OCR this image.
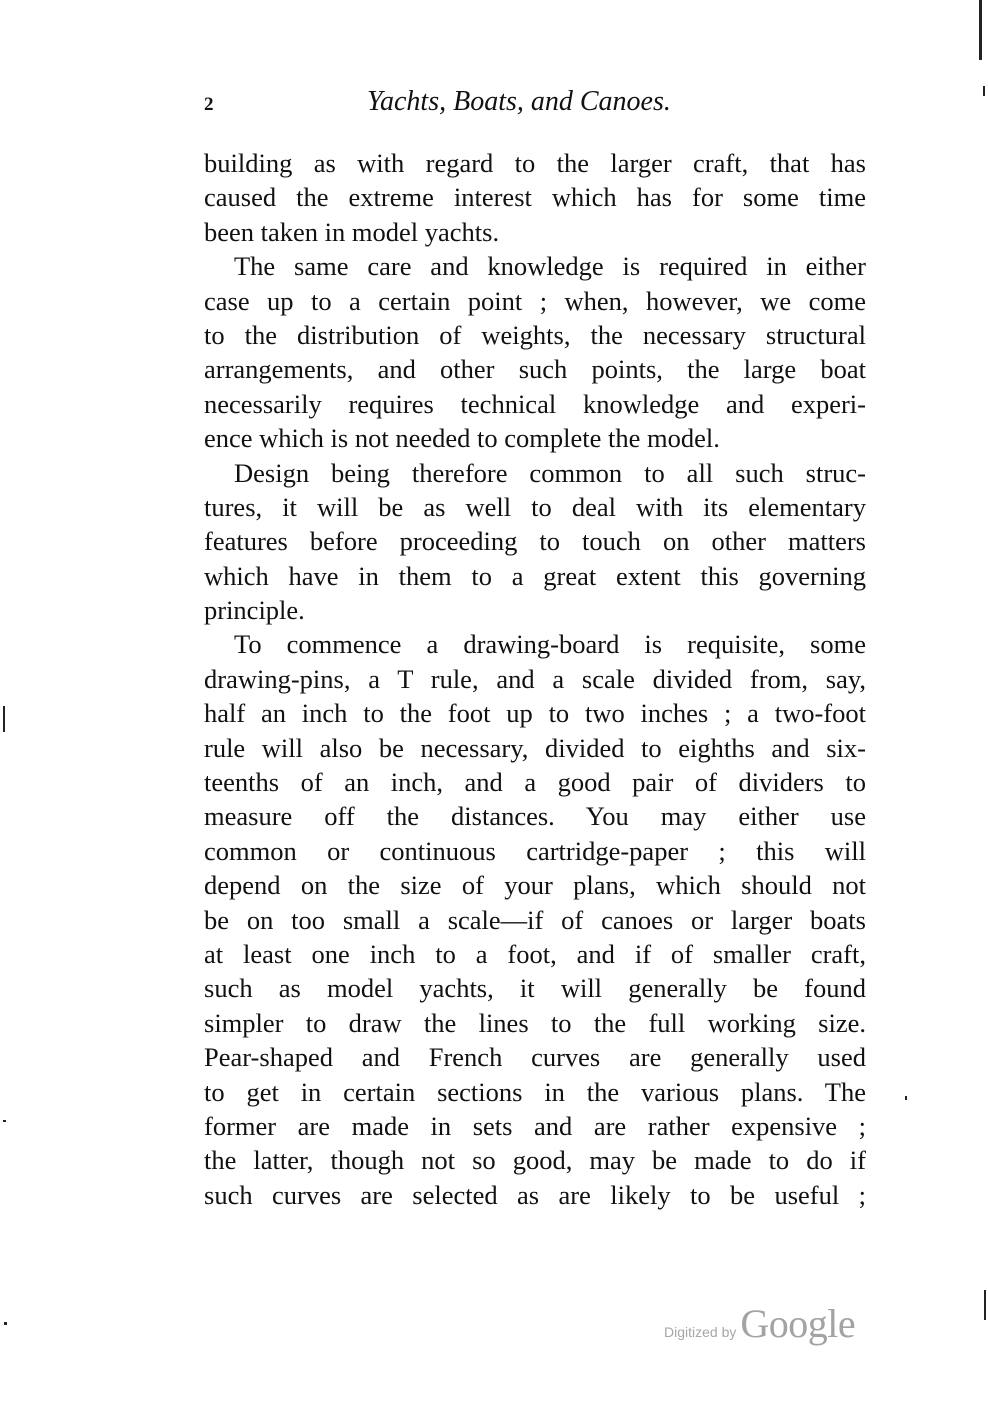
2	Yachts, Boats, and Canoes.
building as with regard to the larger craft, that has
caused the extreme interest which has for some time
been taken in model yachts.
The same care and knowledge is required in either
case up to a certain point ; when, however, we come
to the distribution of weights, the necessary structural
arrangements, and other such points, the large boat
necessarily requires technical knowledge and experi-
ence which is not needed to complete the model.
Design being therefore common to all such struc-
tures, it will be as well to deal with its elementary
features before proceeding to touch on other matters
which have in them to a great extent this governing
principle.
To commence a drawing-board is requisite, some
drawing-pins, a T rule, and a scale divided from, say,
half an inch to the foot up to two inches ; a two-foot
rule will also be necessary, divided to eighths and six-
teenths of an inch, and a good pair of dividers to
measure off the distances. You may either use
common or continuous cartridge-paper ; this will
depend on the size of your plans, which should not
be on too small a scale—if of canoes or larger boats
at least one inch to a foot, and if of smaller craft,
such as model yachts, it will generally be found
simpler to draw the lines to the full working size.
Pear-shaped and French curves are generally used
to get in certain sections in the various plans. The
former are made in sets and are rather expensive ;
the latter, though not so good, may be made to do if
such curves are selected as are likely to be useful ;
Digitized by Google
